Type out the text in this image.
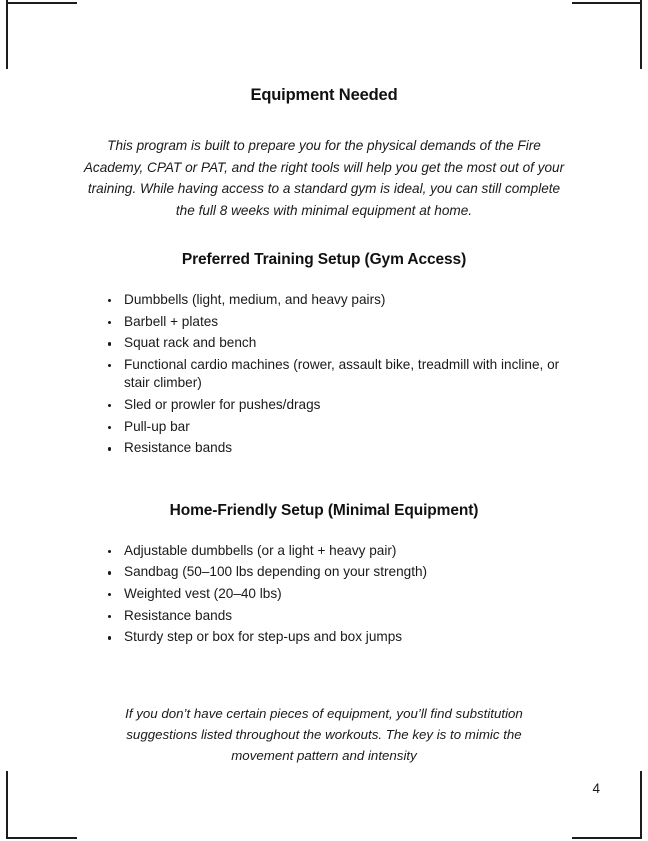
Equipment Needed

This program is built to prepare you for the physical demands of the Fire Academy, CPAT or PAT, and the right tools will help you get the most out of your training. While having access to a standard gym is ideal, you can still complete the full 8 weeks with minimal equipment at home.

Preferred Training Setup (Gym Access)
Dumbbells (light, medium, and heavy pairs)
Barbell + plates
Squat rack and bench
Functional cardio machines (rower, assault bike, treadmill with incline, or stair climber)
Sled or prowler for pushes/drags
Pull-up bar
Resistance bands
Home-Friendly Setup (Minimal Equipment)
Adjustable dumbbells (or a light + heavy pair)
Sandbag (50–100 lbs depending on your strength)
Weighted vest (20–40 lbs)
Resistance bands
Sturdy step or box for step-ups and box jumps

If you don’t have certain pieces of equipment, you’ll find substitution suggestions listed throughout the workouts. The key is to mimic the movement pattern and intensity

4
